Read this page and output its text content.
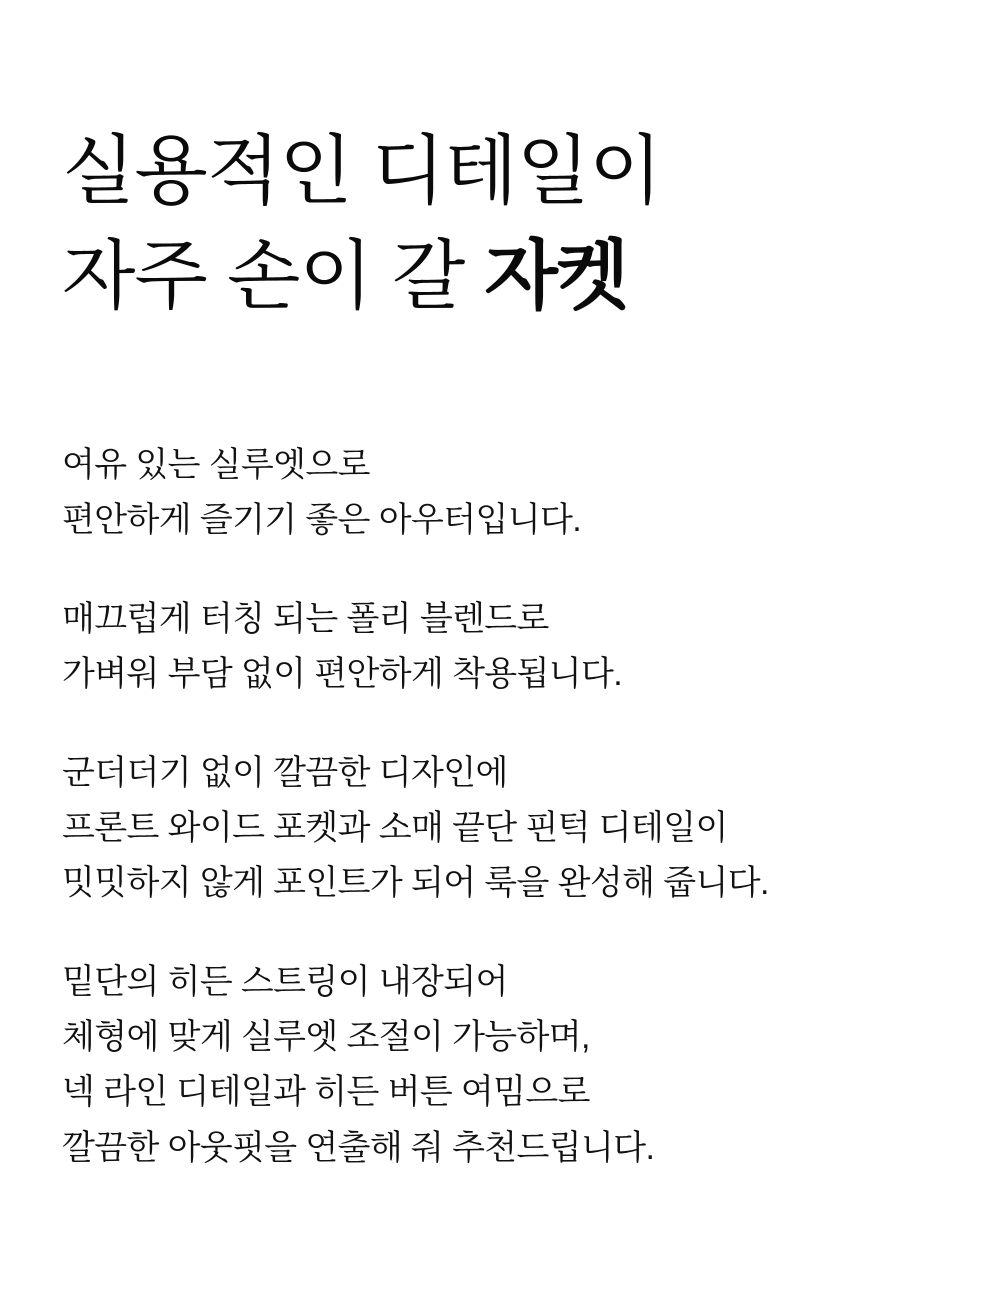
실용적인 디테일이
자주 손이 갈 자켓

여유 있는 실루엣으로
편안하게 즐기기 좋은 아우터입니다.

매끄럽게 터칭 되는 폴리 블렌드로
가벼워 부담 없이 편안하게 착용됩니다.

군더더기 없이 깔끔한 디자인에
프론트 와이드 포켓과 소매 끝단 핀턱 디테일이
밋밋하지 않게 포인트가 되어 룩을 완성해 줍니다.

밑단의 히든 스트링이 내장되어
체형에 맞게 실루엣 조절이 가능하며,
넥 라인 디테일과 히든 버튼 여밈으로
깔끔한 아웃핏을 연출해 줘 추천드립니다.
